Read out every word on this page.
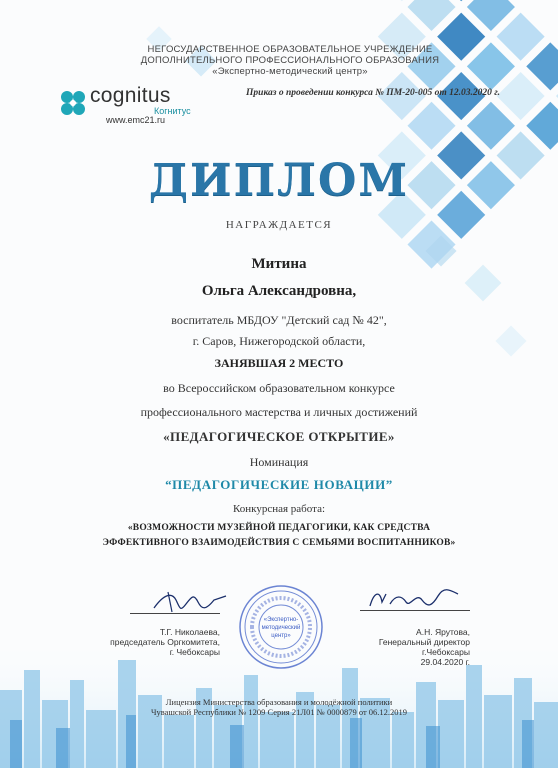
НЕГОСУДАРСТВЕННОЕ ОБРАЗОВАТЕЛЬНОЕ УЧРЕЖДЕНИЕ
ДОПОЛНИТЕЛЬНОГО ПРОФЕССИОНАЛЬНОГО ОБРАЗОВАНИЯ
«Экспертно-методический центр»
Приказ о проведении конкурса № ПМ-20-005 от 12.03.2020 г.
cognitus
Когнитус
www.emc21.ru
ДИПЛОМ
НАГРАЖДАЕТСЯ
Митина
Ольга Александровна,
воспитатель МБДОУ "Детский сад № 42",
г. Саров, Нижегородской области,
ЗАНЯВШАЯ 2 МЕСТО
во Всероссийском образовательном конкурсе
профессионального мастерства и личных достижений
«ПЕДАГОГИЧЕСКОЕ ОТКРЫТИЕ»
Номинация
“ПЕДАГОГИЧЕСКИЕ НОВАЦИИ”
Конкурсная работа:
«ВОЗМОЖНОСТИ МУЗЕЙНОЙ ПЕДАГОГИКИ, КАК СРЕДСТВА
ЭФФЕКТИВНОГО ВЗАИМОДЕЙСТВИЯ С СЕМЬЯМИ ВОСПИТАННИКОВ»
Т.Г. Николаева,
председатель Оргкомитета,
г. Чебоксары
«Экспертно-
методический
центр»	А.Н. Ярутова,
Генеральный директор
г.Чебоксары
29.04.2020 г.
Лицензия Министерства образования и молодёжной политики
Чувашской Республики № 1209 Серия 21Л01 № 0000879 от 06.12.2019
